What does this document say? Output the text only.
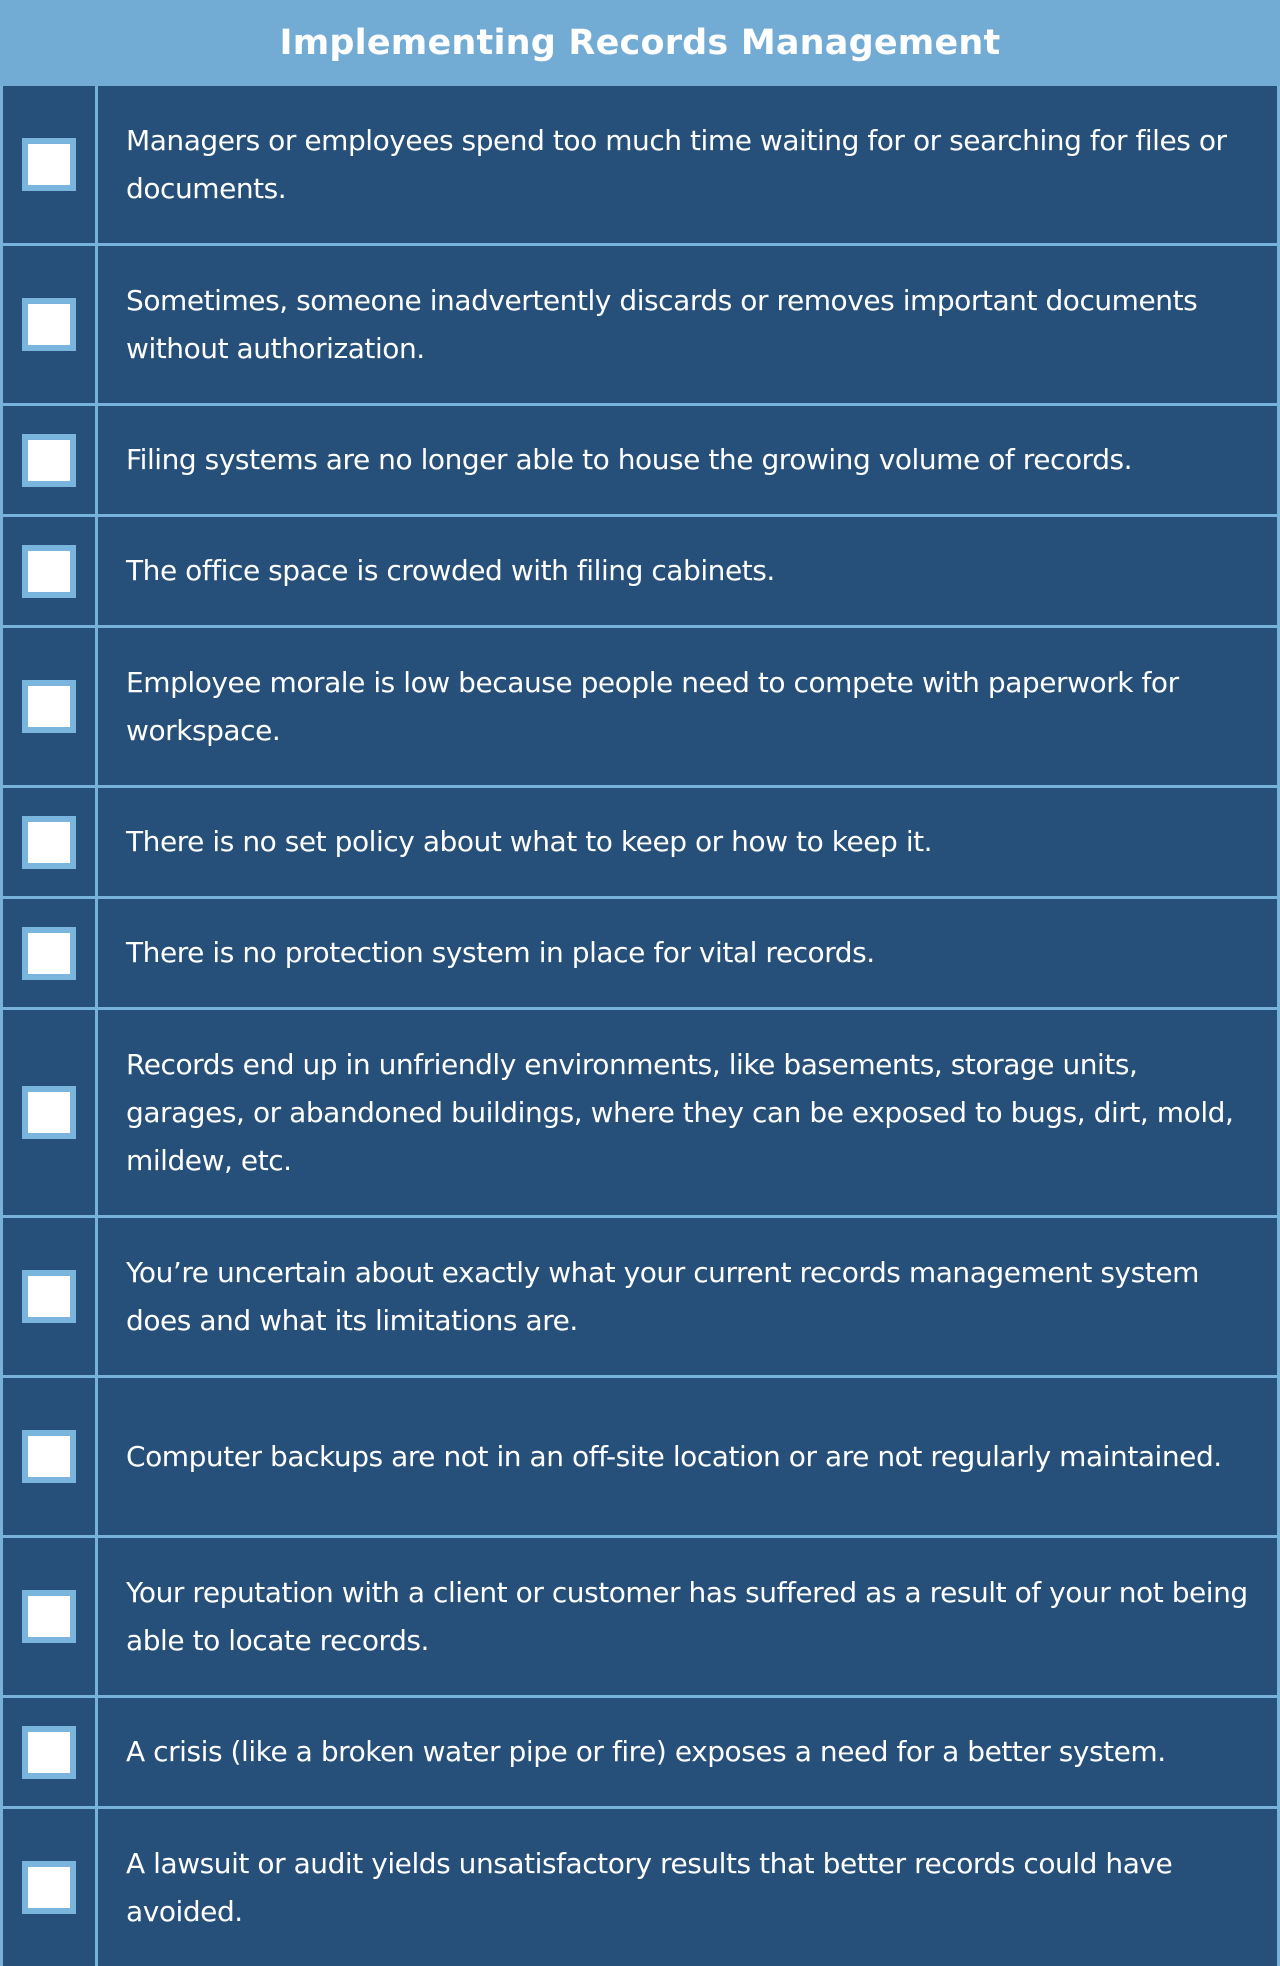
Implementing Records Management
Managers or employees spend too much time waiting for or searching for files or documents.
Sometimes, someone inadvertently discards or removes important documents without authorization.
Filing systems are no longer able to house the growing volume of records.
The office space is crowded with filing cabinets.
Employee morale is low because people need to compete with paperwork for workspace.
There is no set policy about what to keep or how to keep it.
There is no protection system in place for vital records.
Records end up in unfriendly environments, like basements, storage units, garages, or abandoned buildings, where they can be exposed to bugs, dirt, mold, mildew, etc.
You’re uncertain about exactly what your current records management system does and what its limitations are.
Computer backups are not in an off-site location or are not regularly maintained.
Your reputation with a client or customer has suffered as a result of your not being able to locate records.
A crisis (like a broken water pipe or fire) exposes a need for a better system.
A lawsuit or audit yields unsatisfactory results that better records could have avoided.
